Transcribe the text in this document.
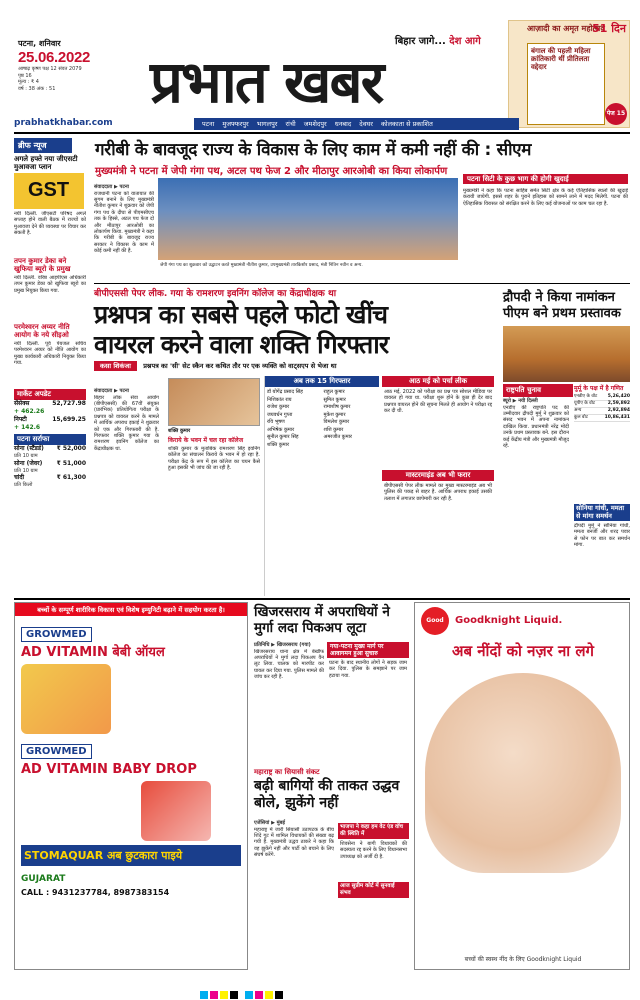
पटना, शनिवार
25.06.2022
आषाढ़ कृष्ण पक्ष 12 संवत 2079
पृष्ठ 16
मूल्य : ₹ 4
वर्ष : 38 अंक : 51	प्रभात खबर
बिहार जागे... देश आगे
आज़ादी का अमृत महोत्सव
51 दिन
बंगाल की पहली महिला क्रांतिकारी थीं प्रीतिलता वद्देदार
पेज 15
prabhatkhabar.com	पटना मुजफ्फरपुर भागलपुर रांची जमशेदपुर धनबाद देवघर कोलकाता से प्रकाशित
ब्रीफ न्यूज
अगले हफ्ते नया जीएसटी मुआवजा प्लान
GST
नयी दिल्ली. जीएसटी परिषद अगले सप्ताह होने वाली बैठक में राज्यों को मुआवजा देने की व्यवस्था पर विचार कर सकती है.
तपन कुमार डेका बने खुफिया ब्यूरो के प्रमुख
नयी दिल्ली. वरिष्ठ आइपीएस अधिकारी तपन कुमार डेका को खुफिया ब्यूरो का प्रमुख नियुक्त किया गया.
परमेश्वरन अय्यर नीति आयोग के नये सीइओ
नयी दिल्ली. पूर्व पेयजल सचिव परमेश्वरन अय्यर को नीति आयोग का मुख्य कार्यकारी अधिकारी नियुक्त किया गया.
मार्केट अपडेट
सेंसेक्स	52,727.98
+ 462.26
निफ्टी	15,699.25
+ 142.6
पटना सर्राफा
सोना (स्टैंडर्ड) ₹ 52,000
प्रति 10 ग्राम
सोना (जेवर) ₹ 51,000
प्रति 10 ग्राम
चांदी	₹ 61,300
प्रति किलो
गरीबी के बावजूद राज्य के विकास के लिए काम में कमी नहीं की : सीएम
मुख्यमंत्री ने पटना में जेपी गंगा पथ, अटल पथ फेज 2 और मीठापुर आरओबी का किया लोकार्पण
संवाददाता ▶ पटना
राजधानी पटना को यातायात की सुगम बनाने के लिए मुख्यमंत्री नीतीश कुमार ने शुक्रवार को जेपी गंगा पथ के दीघा से पीएमसीएच तक के हिस्से, अटल पथ फेज दो और मीठापुर आरओबी का लोकार्पण किया. मुख्यमंत्री ने कहा कि गरीबी के बावजूद राज्य सरकार ने विकास के काम में कोई कमी नहीं की है.
जेपी गंगा पथ का शुक्रवार को उद्घाटन करते मुख्यमंत्री नीतीश कुमार, उपमुख्यमंत्री तारकिशोर प्रसाद, मंत्री नितिन नवीन व अन्य.
पटना सिटी के कुछ भाग की होगी खुदाई
मुख्यमंत्री ने कहा कि पटना साहिब समेत सिटी क्षेत्र के कई ऐतिहासिक स्थलों की खुदाई करायी जायेगी. इससे शहर के पुराने इतिहास को सामने लाने में मदद मिलेगी. पटना की ऐतिहासिक विरासत को संरक्षित करने के लिए कई योजनाओं पर काम चल रहा है.
बीपीएससी पेपर लीक. गया के रामशरण इवनिंग कॉलेज का केंद्राधीक्षक था
प्रश्नपत्र का सबसे पहले फोटो खींच
वायरल करने वाला शक्ति गिरफ्तार
कसा शिकंजा प्रश्नपत्र का 'सी' सेट स्कैन कर कथित तौर पर एक व्यक्ति को वाट्सएप से भेजा था
संवाददाता ▶ पटना
बिहार लोक सेवा आयोग (बीपीएससी) की 67वीं संयुक्त (प्रारंभिक) प्रतियोगिता परीक्षा के प्रश्नपत्र को वायरल करने के मामले में आर्थिक अपराध इकाई ने शुक्रवार को एक और गिरफ्तारी की है. गिरफ्तार शक्ति कुमार गया के रामशरण इवनिंग कॉलेज का केंद्राधीक्षक था.
शक्ति कुमार
किराये के भवन में चल रहा कॉलेज
शक्ति कुमार के मुताबिक रामशरण सिंह इवनिंग कॉलेज का संचालन किराये के भवन में हो रहा है. परीक्षा केंद्र के रूप में इस कॉलेज का चयन कैसे हुआ इसकी भी जांच की जा रही है.
अब तक 15 गिरफ्तार
डॉ योगेंद्र प्रसाद सिंह	राहुल कुमार
निशिकांत राय	सुमित कुमार
राजेश कुमार	रामाशीष कुमार
जयवर्धन गुप्ता	मुकेश कुमार
रवि भूषण	विमलेश कुमार
अभिषेक कुमार	शशि कुमार
सुनील कुमार सिंह	अमरजीत कुमार
शक्ति कुमार
आठ मई को पर्चा लीक
आठ मई, 2022 को परीक्षा का प्रश्न पत्र सोशल मीडिया पर वायरल हो गया था. परीक्षा शुरू होने के कुछ ही देर बाद प्रश्नपत्र वायरल होने की सूचना मिलते ही आयोग ने परीक्षा रद्द कर दी थी.
मास्टरमाइंड अब भी फरार
बीपीएससी पेपर लीक मामले का मुख्य मास्टरमाइंड अब भी पुलिस की पकड़ से बाहर है. आर्थिक अपराध इकाई उसकी तलाश में लगातार छापेमारी कर रही है.
द्रौपदी ने किया नामांकन पीएम बने प्रथम प्रस्तावक
राष्ट्रपति चुनाव
ब्यूरो ▶ नयी दिल्ली
एनडीए की राष्ट्रपति पद की उम्मीदवार द्रौपदी मुर्मू ने शुक्रवार को संसद भवन में अपना नामांकन दाखिल किया. प्रधानमंत्री नरेंद्र मोदी उनके प्रथम प्रस्तावक बने. इस दौरान कई केंद्रीय मंत्री और मुख्यमंत्री मौजूद रहे.
मुर्मू के पक्ष में है गणित
एनडीए के वोट 5,26,420
यूपीए के वोट	2,59,892
अन्य	2,92,894
कुल वोट	10,86,431
सोनिया गांधी, ममता से मांगा समर्थन
द्रौपदी मुर्मू ने सोनिया गांधी, ममता बनर्जी और शरद पवार से फोन पर बात कर समर्थन मांगा.
बच्चों के सम्पूर्ण शारीरिक विकास एवं विशेष इम्युनिटी बढ़ाने में सहयोग करता है।
GROWMED
AD VITAMIN बेबी ऑयल
GROWMED
AD VITAMIN BABY DROP
STOMAQUAR अब छुटकारा पाइये
GUJARAT
CALL : 9431237784, 8987383154
खिजरसराय में अपराधियों ने मुर्गा लदा पिकअप लूटा
प्रतिनिधि ▶ खिजरसराय (गया)
खिजरसराय थाना क्षेत्र में बेखौफ अपराधियों ने मुर्गा लदा पिकअप वैन लूट लिया. चालक को मारपीट कर घायल कर दिया गया. पुलिस मामले की जांच कर रही है.
गया-पटना मुख्य मार्ग पर आवागमन हुआ सुचारु
घटना के बाद स्थानीय लोगों ने सड़क जाम कर दिया. पुलिस के समझाने पर जाम हटाया गया.
महाराष्ट्र का सियासी संकट
बढ़ी बागियों की ताकत उद्धव बोले, झुकेंगे नहीं
एजेंसियां ▶ मुंबई
महाराष्ट्र में जारी सियासी उठापटक के बीच शिंदे गुट में शामिल विधायकों की संख्या बढ़ गयी है. मुख्यमंत्री उद्धव ठाकरे ने कहा कि वह झुकेंगे नहीं और पार्टी को बचाने के लिए संघर्ष करेंगे.
भाजपा ने कहा हम वेट एंड वॉच की स्थिति में
शिवसेना ने बागी विधायकों की सदस्यता रद्द करने के लिए विधानसभा उपाध्यक्ष को अर्जी दी है.
आज सुप्रीम कोर्ट में सुनवाई संभव
Good knight
Goodknight Liquid.
अब नींदों को नज़र ना लगे
बच्चों की स्वस्थ नींद के लिए Goodknight Liquid
